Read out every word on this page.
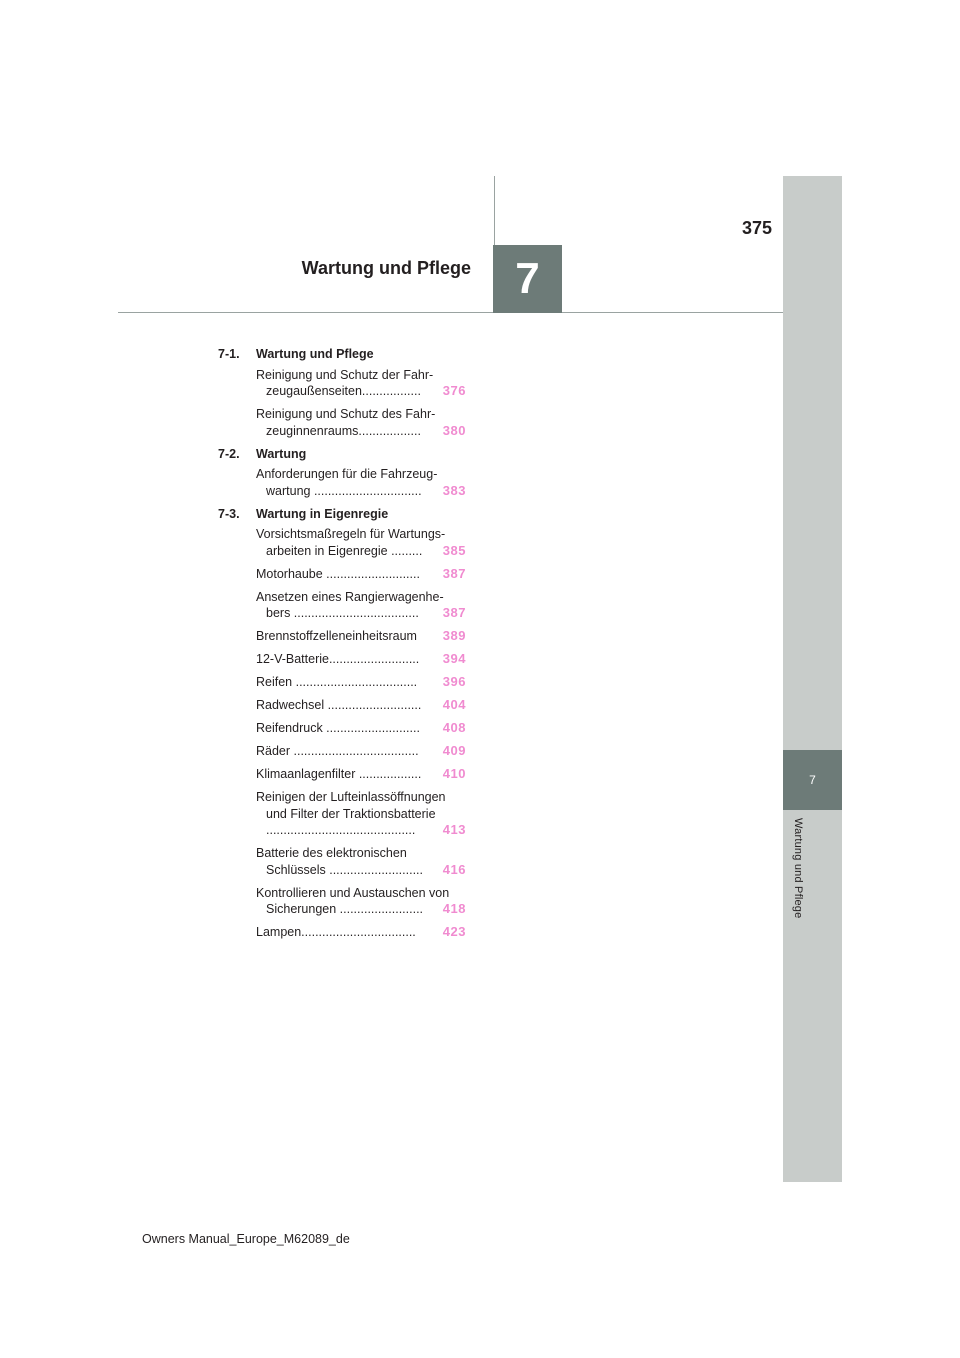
7
Wartung und Pflege
7
375
Wartung und Pflege
7-1. Wartung und Pflege
Reinigung und Schutz der Fahr-
zeugaußenseiten................. 376
Reinigung und Schutz des Fahr-
zeuginnenraums.................. 380
7-2. Wartung
Anforderungen für die Fahrzeug-
wartung ............................... 383
7-3. Wartung in Eigenregie
Vorsichtsmaßregeln für Wartungs-
arbeiten in Eigenregie ......... 385
Motorhaube ........................... 387
Ansetzen eines Rangierwagenhe-
bers .................................... 387
Brennstoffzelleneinheitsraum 389
12-V-Batterie.......................... 394
Reifen ................................... 396
Radwechsel ........................... 404
Reifendruck ........................... 408
Räder .................................... 409
Klimaanlagenfilter .................. 410
Reinigen der Lufteinlassöffnungen
und Filter der Traktionsbatterie
........................................... 413
Batterie des elektronischen
Schlüssels ........................... 416
Kontrollieren und Austauschen von
Sicherungen ........................ 418
Lampen................................. 423
Owners Manual_Europe_M62089_de
